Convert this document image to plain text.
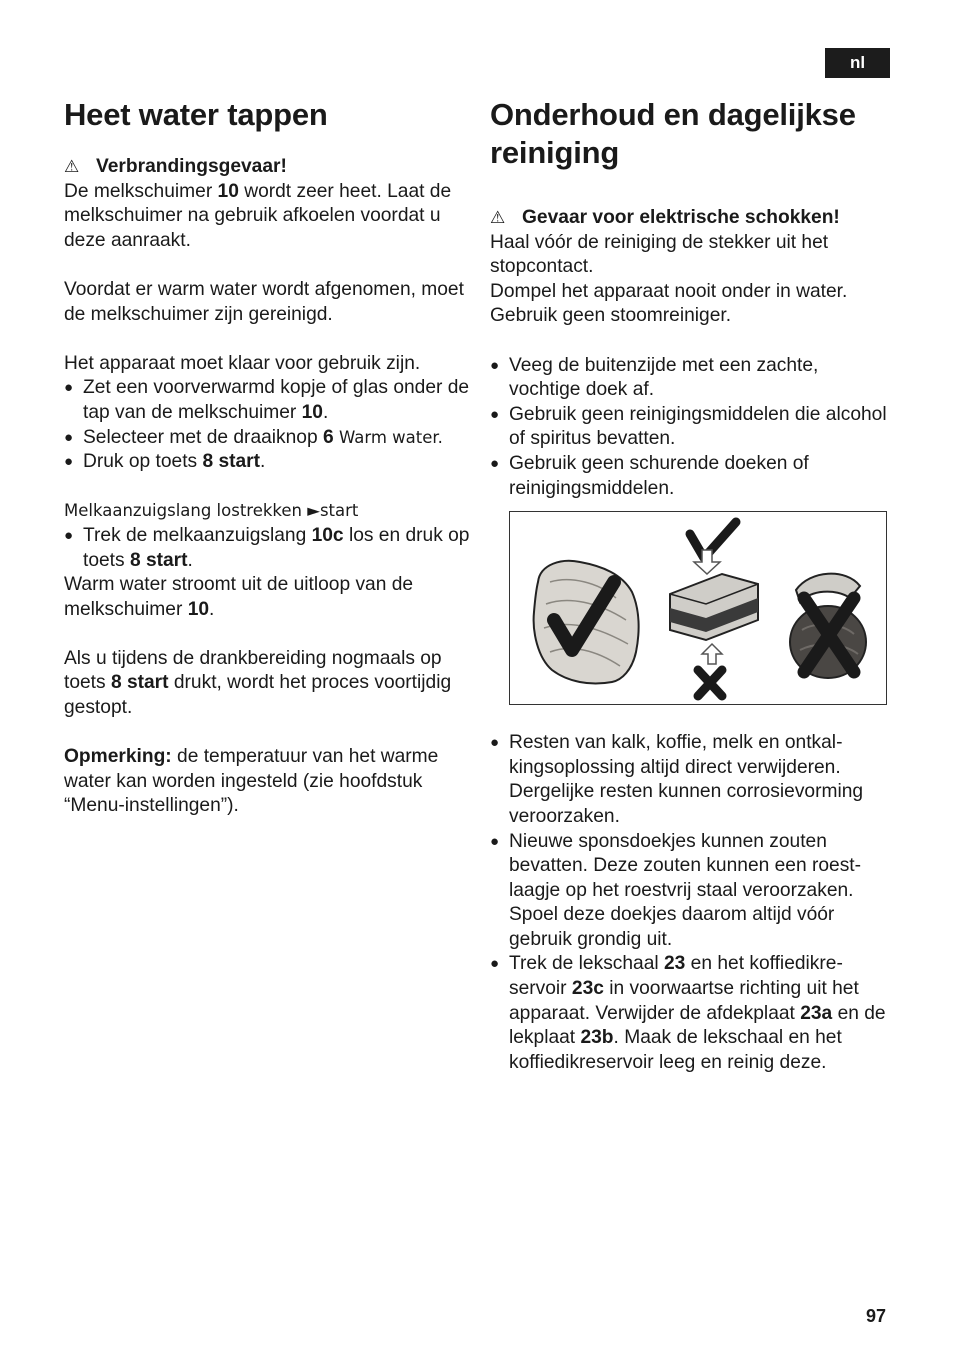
nl
Heet water tappen
⚠ Verbrandingsgevaar!

De melkschuimer 10 wordt zeer heet. Laat de melkschuimer na gebruik afkoelen voordat u deze aanraakt.

Voordat er warm water wordt afgenomen, moet de melkschuimer zijn gereinigd.

Het apparaat moet klaar voor gebruik zijn.

● Zet een voorverwarmd kopje of glas onder de tap van de melkschuimer 10.
● Selecteer met de draaiknop 6 Warm water.
● Druk op toets 8 start.

Melkaanzuigslang lostrekken ►start

● Trek de melkaanzuigslang 10c los en druk op toets 8 start.

Warm water stroomt uit de uitloop van de melkschuimer 10.

Als u tijdens de drankbereiding nogmaals op toets 8 start drukt, wordt het proces voortijdig gestopt.

Opmerking: de temperatuur van het warme water kan worden ingesteld (zie hoofdstuk “Menu-instellingen”).

Onderhoud en dagelijkse reiniging
⚠ Gevaar voor elektrische schokken!

Haal vóór de reiniging de stekker uit het stopcontact.

Dompel het apparaat nooit onder in water.

Gebruik geen stoomreiniger.

● Veeg de buitenzijde met een zachte, vochtige doek af.
● Gebruik geen reinigingsmiddelen die alcohol of spiritus bevatten.
● Gebruik geen schurende doeken of reinigingsmiddelen.
● Resten van kalk, koffie, melk en ontkalkingsoplossing altijd direct verwijderen. Dergelijke resten kunnen corrosievorming veroorzaken.
● Nieuwe sponsdoekjes kunnen zouten bevatten. Deze zouten kunnen een roestlaagje op het roestvrij staal veroorzaken. Spoel deze doekjes daarom altijd vóór gebruik grondig uit.
● Trek de lekschaal 23 en het koffiedikreservoir 23c in voorwaartse richting uit het apparaat. Verwijder de afdekplaat 23a en de lekplaat 23b. Maak de lekschaal en het koffiedikreservoir leeg en reinig deze.
97
